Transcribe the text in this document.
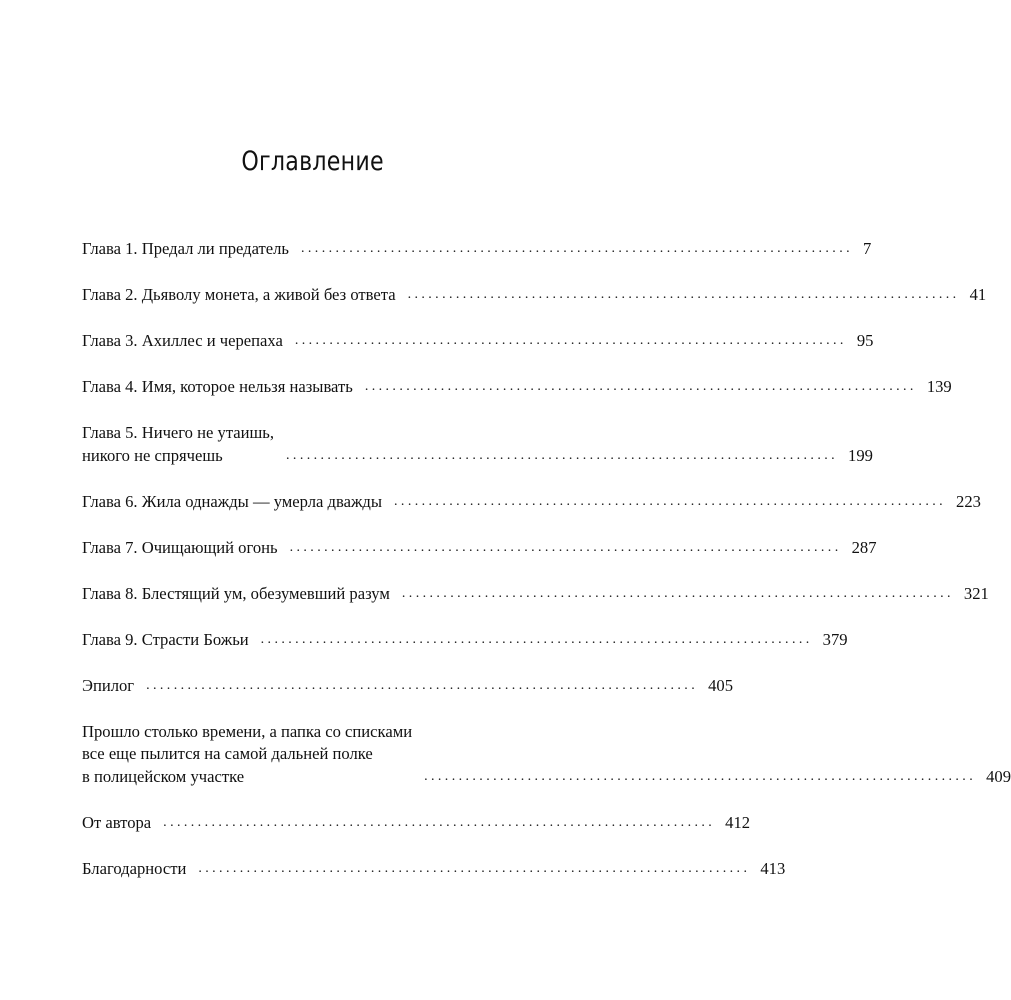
Оглавление
Глава 1. Предал ли предатель ................................................................................ 7
Глава 2. Дьяволу монета, а живой без ответа ................................................................................ 41
Глава 3. Ахиллес и черепаха ................................................................................ 95
Глава 4. Имя, которое нельзя называть ................................................................................ 139
Глава 5. Ничего не утаишь,
никого не спрячешь	................................................................................ 199
Глава 6. Жила однажды — умерла дважды ................................................................................ 223
Глава 7. Очищающий огонь ................................................................................ 287
Глава 8. Блестящий ум, обезумевший разум ................................................................................ 321
Глава 9. Страсти Божьи ................................................................................ 379
Эпилог ................................................................................ 405
Прошло столько времени, а папка со списками
все еще пылится на самой дальней полке
в полицейском участке	................................................................................ 409
От автора ................................................................................ 412
Благодарности ................................................................................ 413
